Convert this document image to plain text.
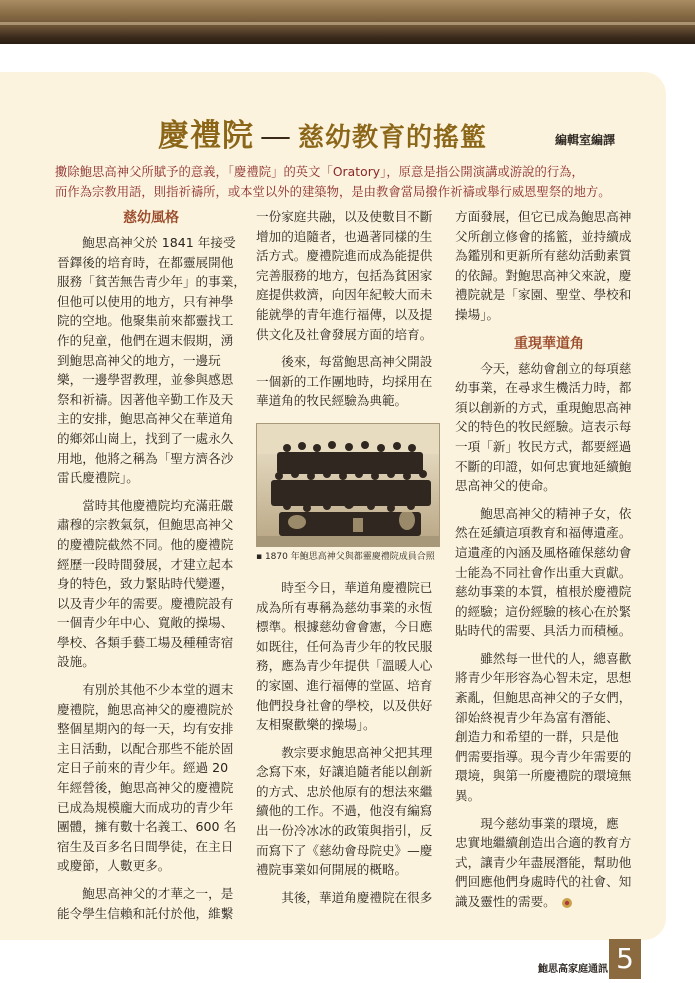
慶禮院 — 慈幼教育的搖籃	編輯室編譯
擻除鮑思高神父所賦予的意義，「慶禮院」的英文「Oratory」，原意是指公開演講或游說的行為，
而作為宗教用語，則指祈禱所，或本堂以外的建築物，是由教會當局撥作祈禱或舉行威恩聖祭的地方。
慈幼風格

　　鮑思高神父於 1841 年接受
晉鐸後的培育時，在都靈展開他
服務「貧苦無告青少年」的事業，
但他可以使用的地方，只有神學
院的空地。他聚集前來都靈找工
作的兒童，他們在週末假期，湧
到鮑思高神父的地方，一邊玩
樂，一邊學習教理，並參與感恩
祭和祈禱。因著他辛勤工作及天
主的安排，鮑思高神父在華道角
的鄉郊山崗上，找到了一處永久
用地，他將之稱為「聖方濟各沙
雷氏慶禮院」。

　　當時其他慶禮院均充滿莊嚴
肅穆的宗教氣氛，但鮑思高神父
的慶禮院截然不同。他的慶禮院
經歷一段時間發展，才建立起本
身的特色，致力緊貼時代變遷，
以及青少年的需要。慶禮院設有
一個青少年中心、寬敞的操場、
學校、各類手藝工場及種種寄宿
設施。

　　有別於其他不少本堂的週末
慶禮院，鮑思高神父的慶禮院於
整個星期內的每一天，均有安排
主日活動，以配合那些不能於固
定日子前來的青少年。經過 20
年經營後，鮑思高神父的慶禮院
已成為規模龐大而成功的青少年
團體，擁有數十名義工、600 名
宿生及百多名日間學徒，在主日
或慶節，人數更多。

　　鮑思高神父的才華之一，是
能令學生信賴和託付於他，維繫

一份家庭共融，以及使數目不斷
增加的追隨者，也過著同樣的生
活方式。慶禮院進而成為能提供
完善服務的地方，包括為貧困家
庭提供救濟，向因年紀較大而未
能就學的青年進行福傳，以及提
供文化及社會發展方面的培育。

　　後來，每當鮑思高神父開設
一個新的工作團地時，均採用在
華道角的牧民經驗為典範。

▪ 1870 年鮑思高神父與都靈慶禮院成員合照

　　時至今日，華道角慶禮院已
成為所有專稱為慈幼事業的永恆
標準。根據慈幼會會憲，今日應
如既往，任何為青少年的牧民服
務，應為青少年提供「溫暖人心
的家園、進行福傳的堂區、培育
他們投身社會的學校，以及供好
友相聚歡樂的操場」。

　　教宗要求鮑思高神父把其理
念寫下來，好讓追隨者能以創新
的方式、忠於他原有的想法來繼
續他的工作。不過，他沒有編寫
出一份冷冰冰的政策與指引，反
而寫下了《慈幼會母院史》—慶
禮院事業如何開展的概略。

　　其後，華道角慶禮院在很多

方面發展，但它已成為鮑思高神
父所創立修會的搖籃，並持續成
為鑑別和更新所有慈幼活動素質
的依歸。對鮑思高神父來說，慶
禮院就是「家園、聖堂、學校和
操場」。

重現華道角

　　今天，慈幼會創立的每項慈
幼事業，在尋求生機活力時，都
須以創新的方式，重現鮑思高神
父的特色的牧民經驗。這表示每
一項「新」牧民方式，都要經過
不斷的印證，如何忠實地延續鮑
思高神父的使命。

　　鮑思高神父的精神子女，依
然在延續這項教育和福傳遺產。
這遺產的內涵及風格確保慈幼會
士能為不同社會作出重大貢獻。
慈幼事業的本質，植根於慶禮院
的經驗；這份經驗的核心在於緊
貼時代的需要、具活力而積極。

　　雖然每一世代的人，總喜歡
將青少年形容為心智未定，思想
紊亂，但鮑思高神父的子女們，
卻始終視青少年為富有潛能、
創造力和希望的一群，只是他
們需要指導。現今青少年需要的
環境，與第一所慶禮院的環境無
異。

　　現今慈幼事業的環境，應
忠實地繼續創造出合適的教育方
式，讓青少年盡展潛能，幫助他
們回應他們身處時代的社會、知
識及靈性的需要。

鮑思高家庭通訊 5
